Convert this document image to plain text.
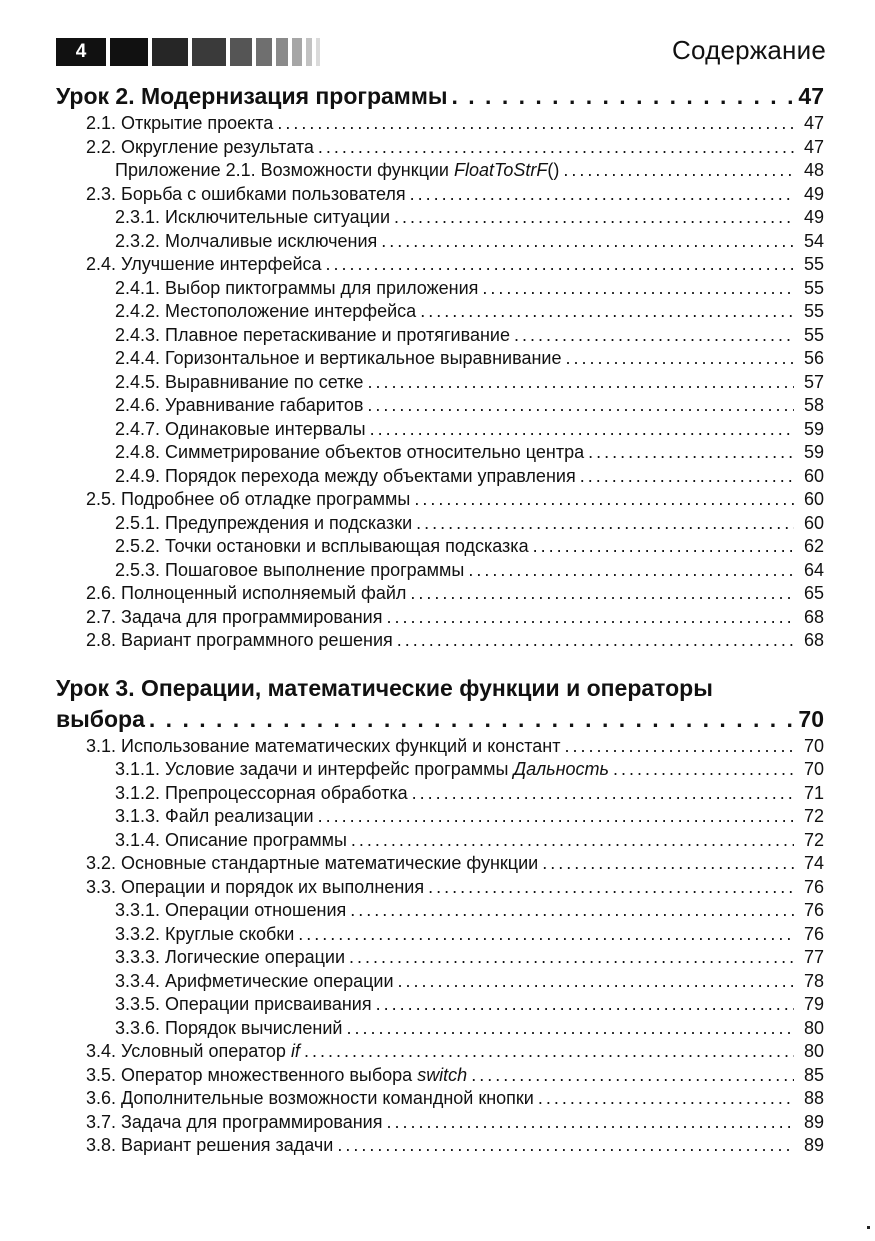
4	Содержание
Урок 2. Модернизация программы . . .	47
2.1. Открытие проекта . . .	47
2.2. Округление результата . . .	47
Приложение 2.1. Возможности функции FloatToStrF() . . .	48
2.3. Борьба с ошибками пользователя . . .	49
2.3.1. Исключительные ситуации . . .	49
2.3.2. Молчаливые исключения . . .	54
2.4. Улучшение интерфейса . . .	55
2.4.1. Выбор пиктограммы для приложения . . .	55
2.4.2. Местоположение интерфейса . . .	55
2.4.3. Плавное перетаскивание и протягивание . . .	55
2.4.4. Горизонтальное и вертикальное выравнивание . . .	56
2.4.5. Выравнивание по сетке . . .	57
2.4.6. Уравнивание габаритов . . .	58
2.4.7. Одинаковые интервалы . . .	59
2.4.8. Симметрирование объектов относительно центра . . .	59
2.4.9. Порядок перехода между объектами управления . . .	60
2.5. Подробнее об отладке программы . . .	60
2.5.1. Предупреждения и подсказки . . .	60
2.5.2. Точки остановки и всплывающая подсказка . . .	62
2.5.3. Пошаговое выполнение программы . . .	64
2.6. Полноценный исполняемый файл . . .	65
2.7. Задача для программирования . . .	68
2.8. Вариант программного решения . . .	68
Урок 3. Операции, математические функции и операторы
выбора . . .	70
3.1. Использование математических функций и констант . . .	70
3.1.1. Условие задачи и интерфейс программы Дальность . . .	70
3.1.2. Препроцессорная обработка . . .	71
3.1.3. Файл реализации . . .	72
3.1.4. Описание программы . . .	72
3.2. Основные стандартные математические функции . . .	74
3.3. Операции и порядок их выполнения . . .	76
3.3.1. Операции отношения . . .	76
3.3.2. Круглые скобки . . .	76
3.3.3. Логические операции . . .	77
3.3.4. Арифметические операции . . .	78
3.3.5. Операции присваивания . . .	79
3.3.6. Порядок вычислений . . .	80
3.4. Условный оператор if . . .	80
3.5. Оператор множественного выбора switch . . .	85
3.6. Дополнительные возможности командной кнопки . . .	88
3.7. Задача для программирования . . .	89
3.8. Вариант решения задачи . . .	89
